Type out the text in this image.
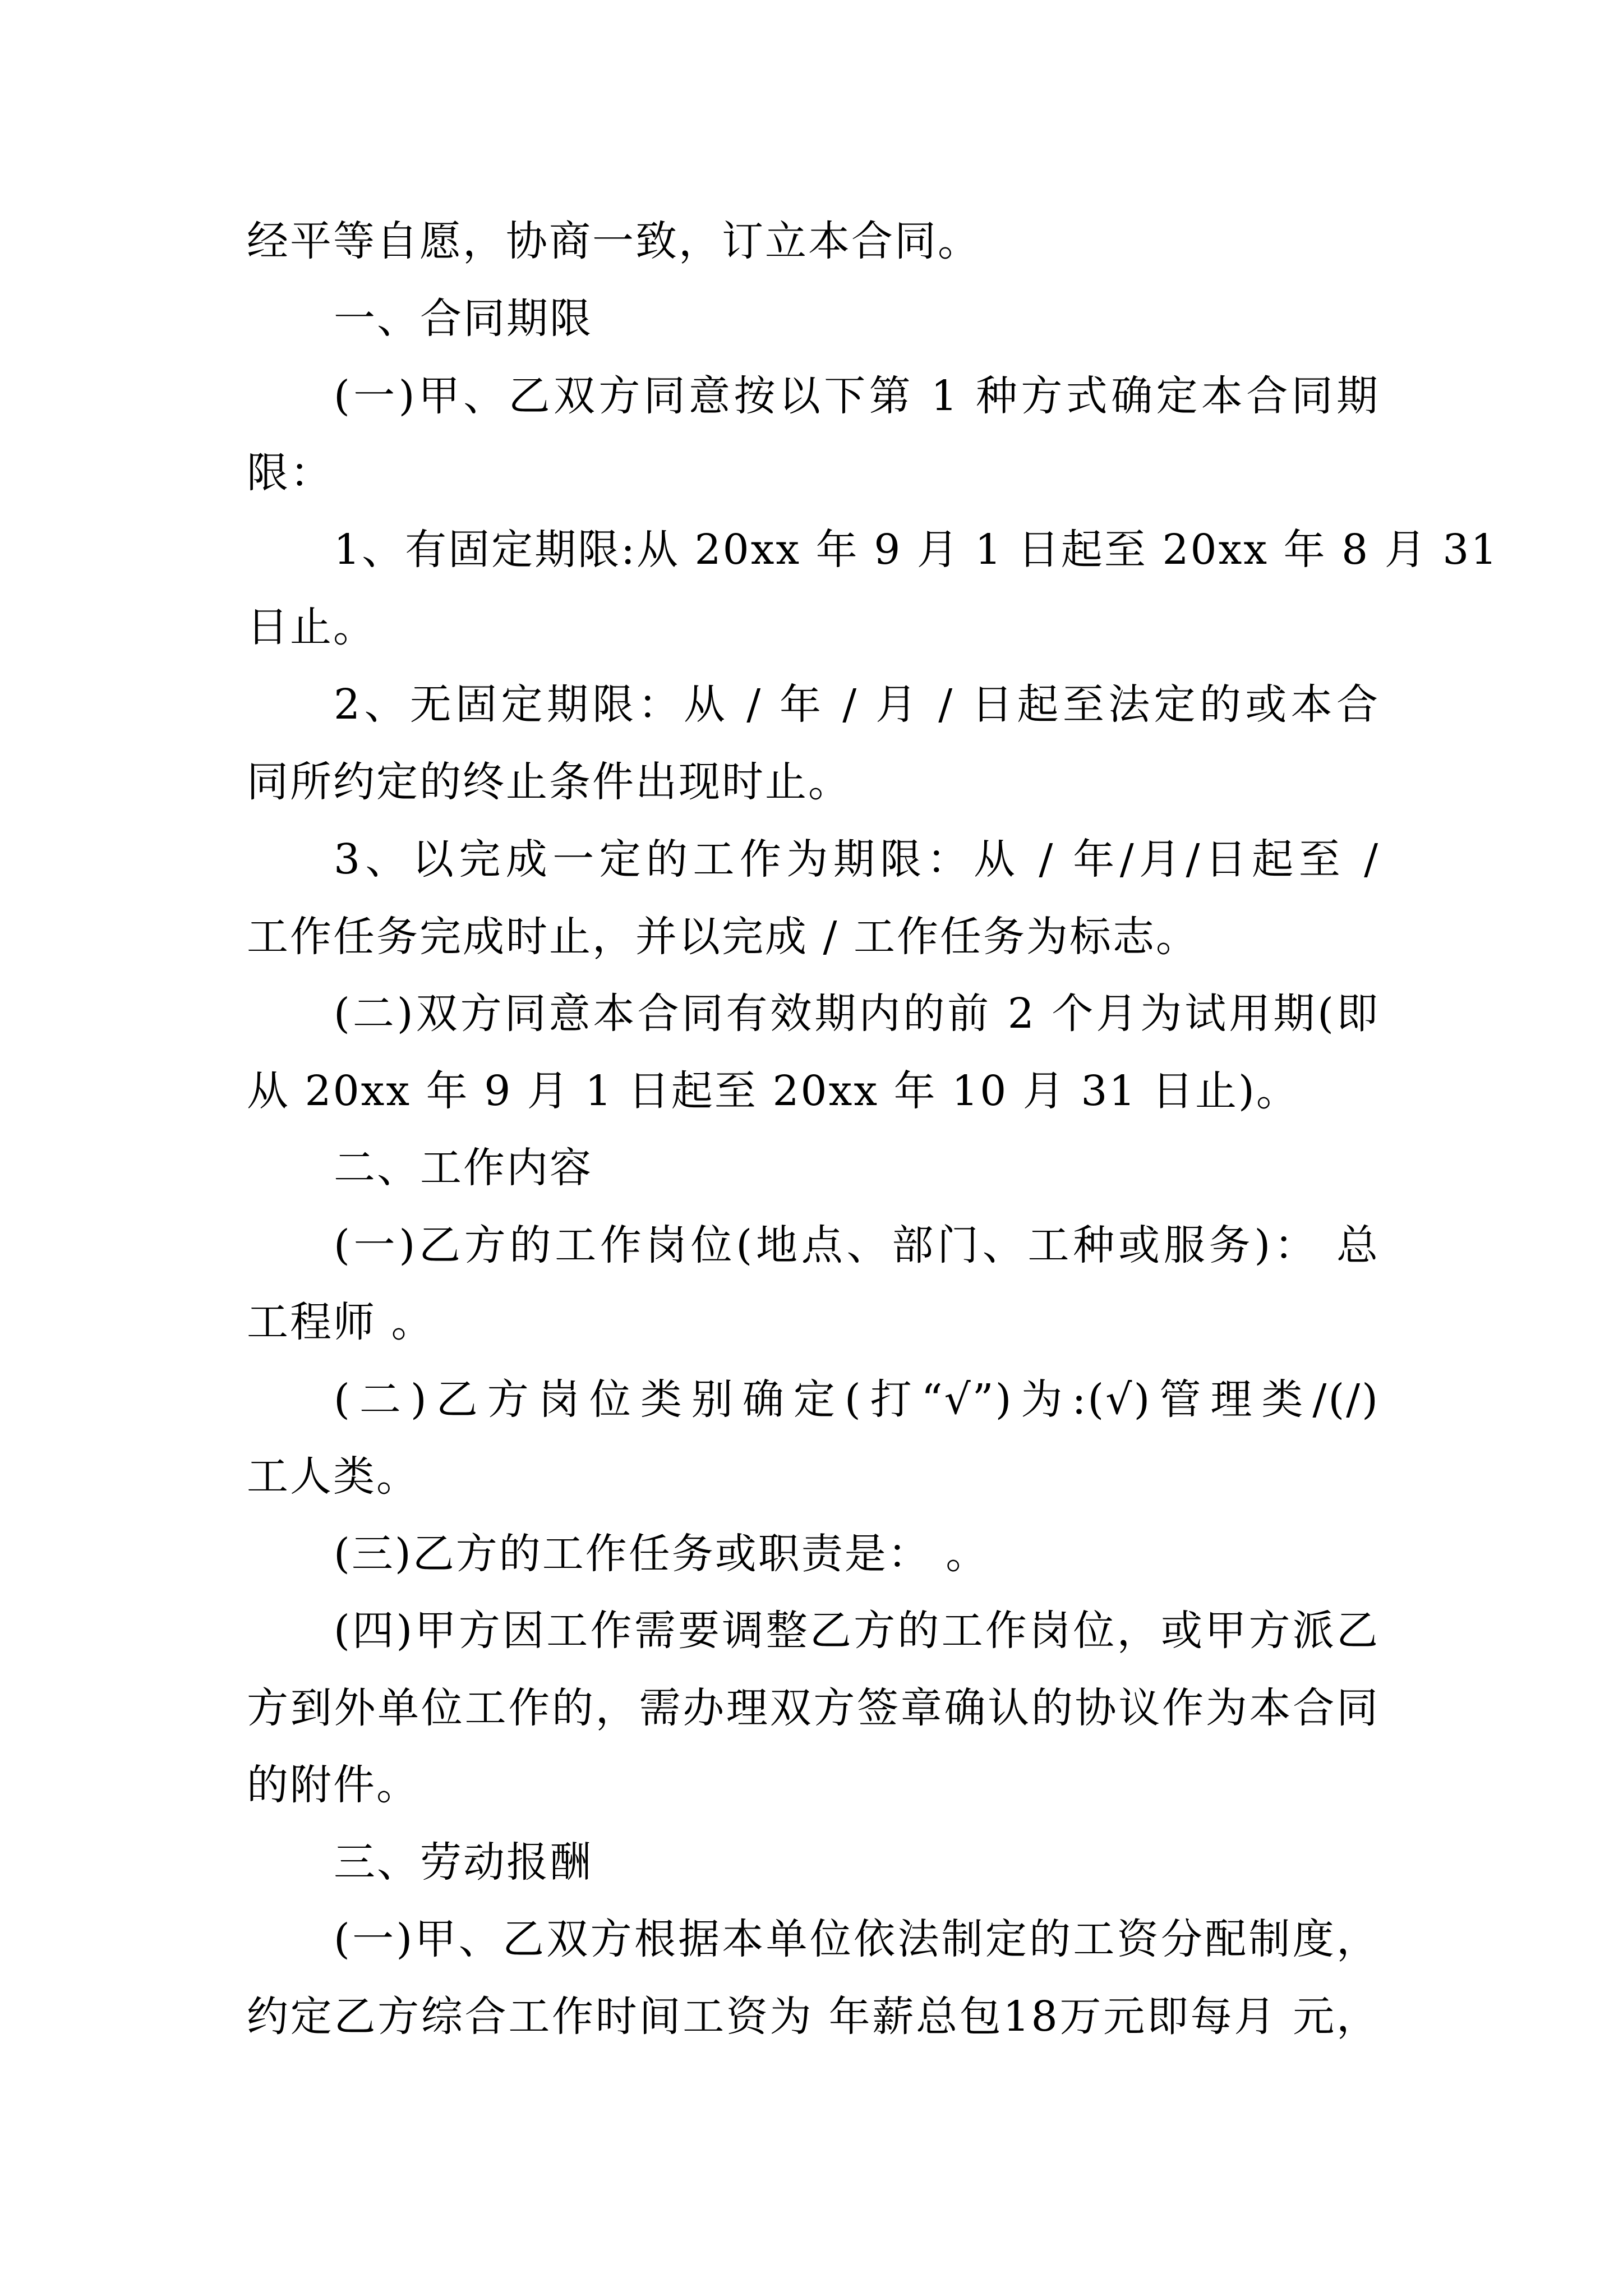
经平等自愿，协商一致，订立本合同。
一、合同期限
(一)甲、乙双方同意按以下第 1 种方式确定本合同期
限：
1、有固定期限:从 20xx 年 9 月 1 日起至 20xx 年 8 月 31
日止。
2、无固定期限：从 / 年 / 月 / 日起至法定的或本合
同所约定的终止条件出现时止。
3、以完成一定的工作为期限：从 / 年/月/日起至 /
工作任务完成时止，并以完成 / 工作任务为标志。
(二)双方同意本合同有效期内的前 2 个月为试用期(即
从 20xx 年 9 月 1 日起至 20xx 年 10 月 31 日止)。
二、工作内容
(一)乙方的工作岗位(地点、部门、工种或服务)： 总
工程师 。
(二)乙方岗位类别确定(打“√”)为:(√)管理类/(/)
工人类。
(三)乙方的工作任务或职责是： 。
(四)甲方因工作需要调整乙方的工作岗位，或甲方派乙
方到外单位工作的，需办理双方签章确认的协议作为本合同
的附件。
三、劳动报酬
(一)甲、乙双方根据本单位依法制定的工资分配制度，
约定乙方综合工作时间工资为 年薪总包18万元即每月 元，
